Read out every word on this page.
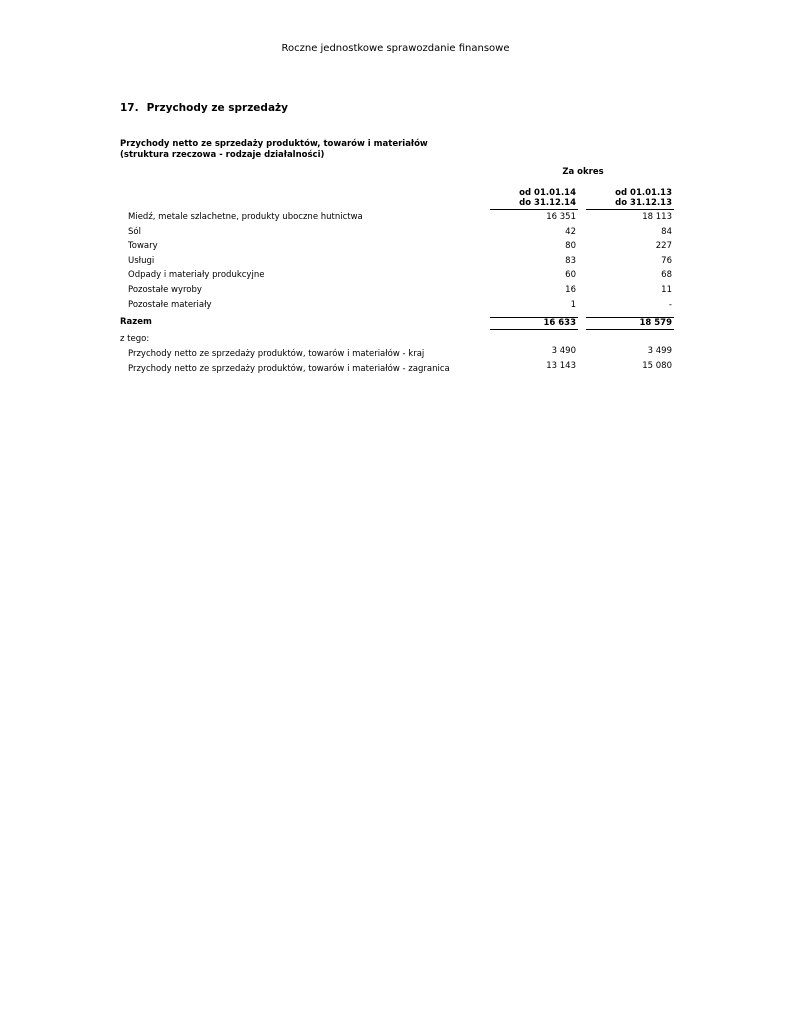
Roczne jednostkowe sprawozdanie finansowe
17. Przychody ze sprzedaży
Przychody netto ze sprzedaży produktów, towarów i materiałów
(struktura rzeczowa - rodzaje działalności)
Za okres
od 01.01.14
do 31.12.14
od 01.01.13
do 31.12.13
Miedź, metale szlachetne, produkty uboczne hutnictwa	16 351	18 113
Sól	42	84
Towary	80	227
Usługi	83	76
Odpady i materiały produkcyjne	60	68
Pozostałe wyroby	16	11
Pozostałe materiały	1	-
Razem	16 633	18 579
z tego:
Przychody netto ze sprzedaży produktów, towarów i materiałów - kraj	3 490	3 499
Przychody netto ze sprzedaży produktów, towarów i materiałów - zagranica	13 143	15 080
